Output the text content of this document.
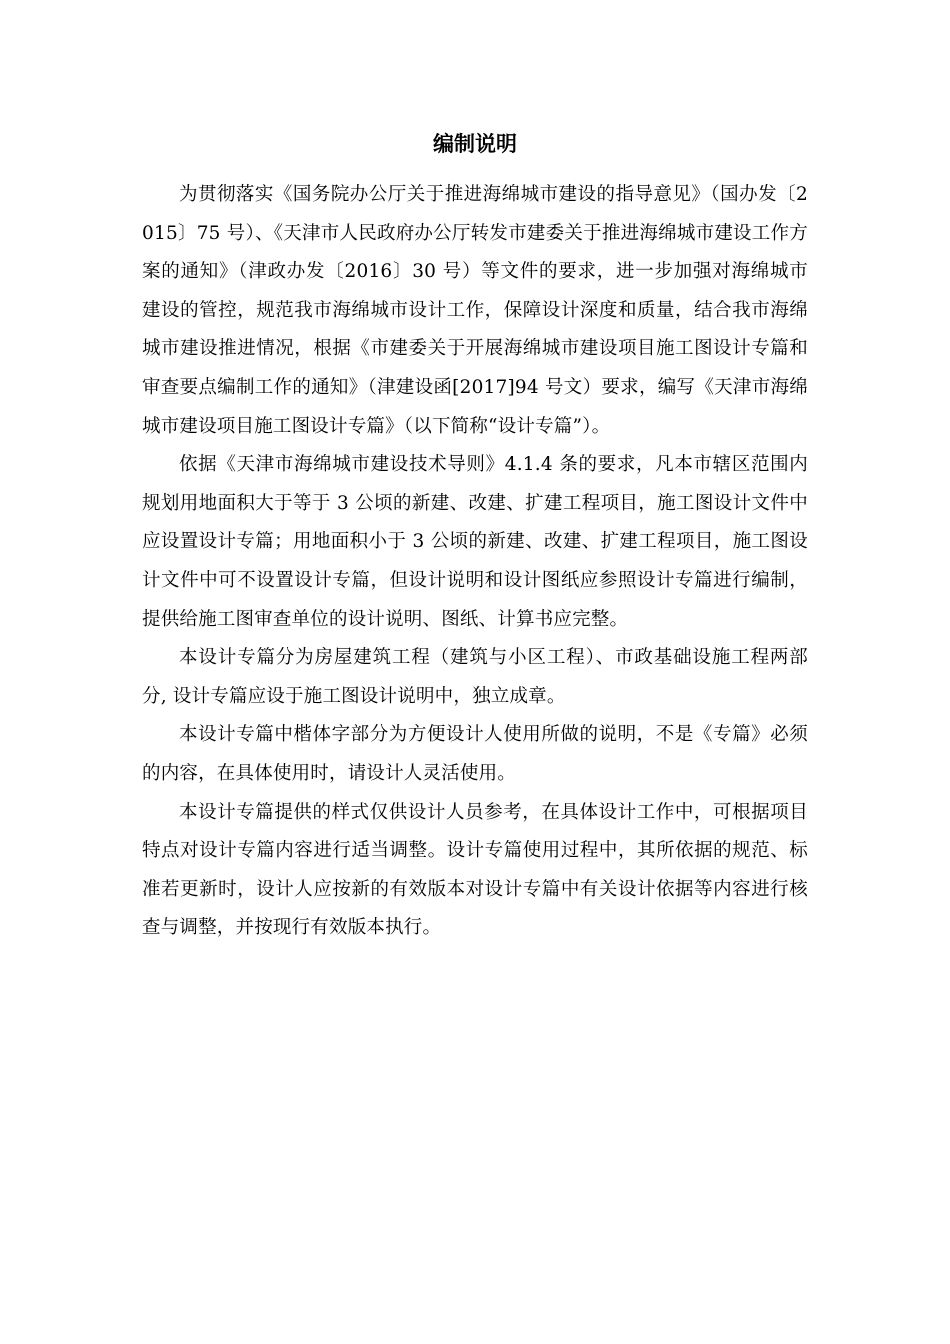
编制说明

为贯彻落实《国务院办公厅关于推进海绵城市建设的指导意见》（国办发〔2015〕75 号）、《天津市人民政府办公厅转发市建委关于推进海绵城市建设工作方案的通知》（津政办发〔2016〕30 号）等文件的要求，进一步加强对海绵城市建设的管控，规范我市海绵城市设计工作，保障设计深度和质量，结合我市海绵城市建设推进情况，根据《市建委关于开展海绵城市建设项目施工图设计专篇和审查要点编制工作的通知》（津建设函[2017]94 号文）要求，编写《天津市海绵城市建设项目施工图设计专篇》（以下简称“设计专篇”）。

依据《天津市海绵城市建设技术导则》4.1.4 条的要求，凡本市辖区范围内规划用地面积大于等于 3 公顷的新建、改建、扩建工程项目，施工图设计文件中应设置设计专篇；用地面积小于 3 公顷的新建、改建、扩建工程项目，施工图设计文件中可不设置设计专篇，但设计说明和设计图纸应参照设计专篇进行编制，提供给施工图审查单位的设计说明、图纸、计算书应完整。

本设计专篇分为房屋建筑工程（建筑与小区工程）、市政基础设施工程两部分, 设计专篇应设于施工图设计说明中，独立成章。

本设计专篇中楷体字部分为方便设计人使用所做的说明，不是《专篇》必须的内容，在具体使用时，请设计人灵活使用。

本设计专篇提供的样式仅供设计人员参考，在具体设计工作中，可根据项目特点对设计专篇内容进行适当调整。设计专篇使用过程中，其所依据的规范、标准若更新时，设计人应按新的有效版本对设计专篇中有关设计依据等内容进行核查与调整，并按现行有效版本执行。
